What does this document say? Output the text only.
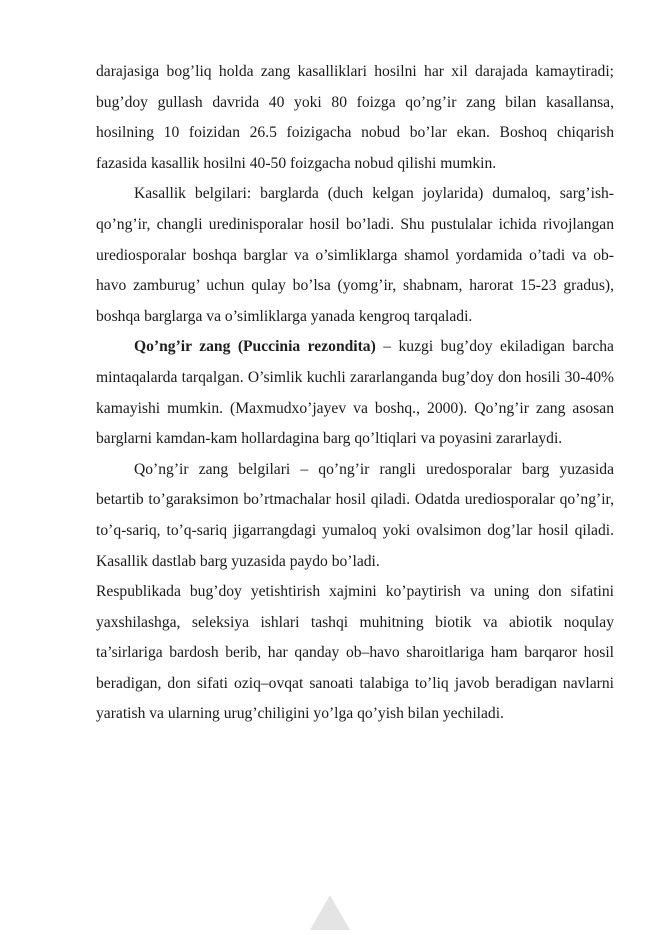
darajasiga bog’liq holda zang kasalliklari hosilni har xil darajada kamaytiradi; bug’doy gullash davrida 40 yoki 80 foizga qo’ng’ir zang bilan kasallansa, hosilning 10 foizidan 26.5 foizigacha nobud bo’lar ekan. Boshoq chiqarish fazasida kasallik hosilni 40-50 foizgacha nobud qilishi mumkin.

Kasallik belgilari: barglarda (duch kelgan joylarida) dumaloq, sarg’ish-qo’ng’ir, changli uredinisporalar hosil bo’ladi. Shu pustulalar ichida rivojlangan urediosporalar boshqa barglar va o’simliklarga shamol yordamida o’tadi va ob-havo zamburug’ uchun qulay bo’lsa (yomg’ir, shabnam, harorat 15-23 gradus), boshqa barglarga va o’simliklarga yanada kengroq tarqaladi.

Qo’ng’ir zang (Puccinia rezondita) – kuzgi bug’doy ekiladigan barcha mintaqalarda tarqalgan. O’simlik kuchli zararlanganda bug’doy don hosili 30-40% kamayishi mumkin. (Maxmudxo’jayev va boshq., 2000). Qo’ng’ir zang asosan barglarni kamdan-kam hollardagina barg qo’ltiqlari va poyasini zararlaydi.

Qo’ng’ir zang belgilari – qo’ng’ir rangli uredosporalar barg yuzasida betartib to’garaksimon bo’rtmachalar hosil qiladi. Odatda urediosporalar qo’ng’ir, to’q-sariq, to’q-sariq jigarrangdagi yumaloq yoki ovalsimon dog’lar hosil qiladi. Kasallik dastlab barg yuzasida paydo bo’ladi.

Respublikada bug’doy yetishtirish xajmini ko’paytirish va uning don sifatini yaxshilashga, seleksiya ishlari tashqi muhitning biotik va abiotik noqulay ta’sirlariga bardosh berib, har qanday ob–havo sharoitlariga ham barqaror hosil beradigan, don sifati oziq–ovqat sanoati talabiga to’liq javob beradigan navlarni yaratish va ularning urug’chiligini yo’lga qo’yish bilan yechiladi.
